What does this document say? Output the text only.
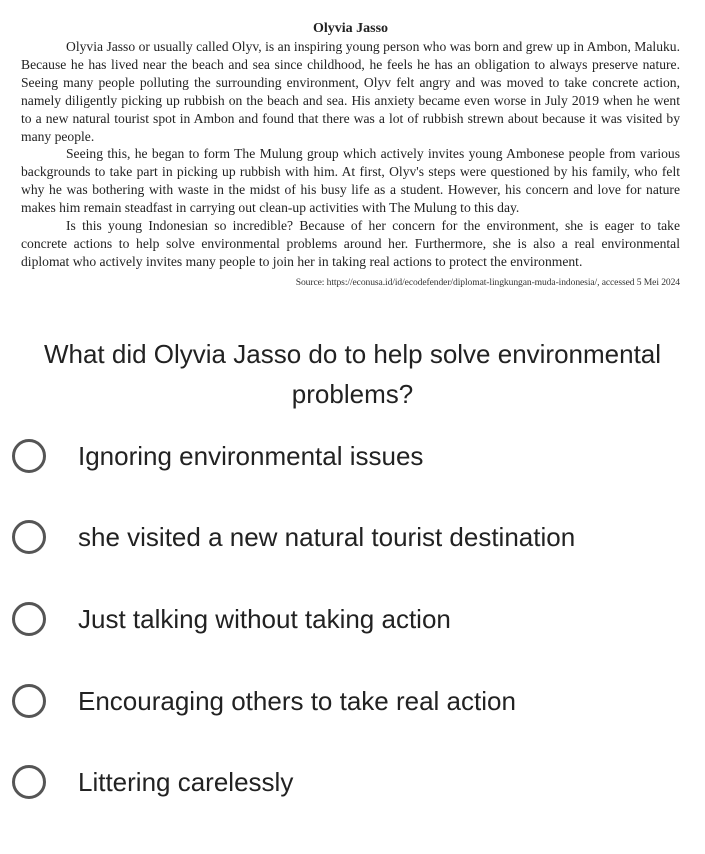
Olyvia Jasso

Olyvia Jasso or usually called Olyv, is an inspiring young person who was born and grew up in Ambon, Maluku. Because he has lived near the beach and sea since childhood, he feels he has an obligation to always preserve nature. Seeing many people polluting the surrounding environment, Olyv felt angry and was moved to take concrete action, namely diligently picking up rubbish on the beach and sea. His anxiety became even worse in July 2019 when he went to a new natural tourist spot in Ambon and found that there was a lot of rubbish strewn about because it was visited by many people.

Seeing this, he began to form The Mulung group which actively invites young Ambonese people from various backgrounds to take part in picking up rubbish with him. At first, Olyv's steps were questioned by his family, who felt why he was bothering with waste in the midst of his busy life as a student. However, his concern and love for nature makes him remain steadfast in carrying out clean-up activities with The Mulung to this day.

Is this young Indonesian so incredible? Because of her concern for the environment, she is eager to take concrete actions to help solve environmental problems around her. Furthermore, she is also a real environmental diplomat who actively invites many people to join her in taking real actions to protect the environment.

Source: https://econusa.id/id/ecodefender/diplomat-lingkungan-muda-indonesia/, accessed 5 Mei 2024
What did Olyvia Jasso do to help solve environmental problems?
Ignoring environmental issues
she visited a new natural tourist destination
Just talking without taking action
Encouraging others to take real action
Littering carelessly
